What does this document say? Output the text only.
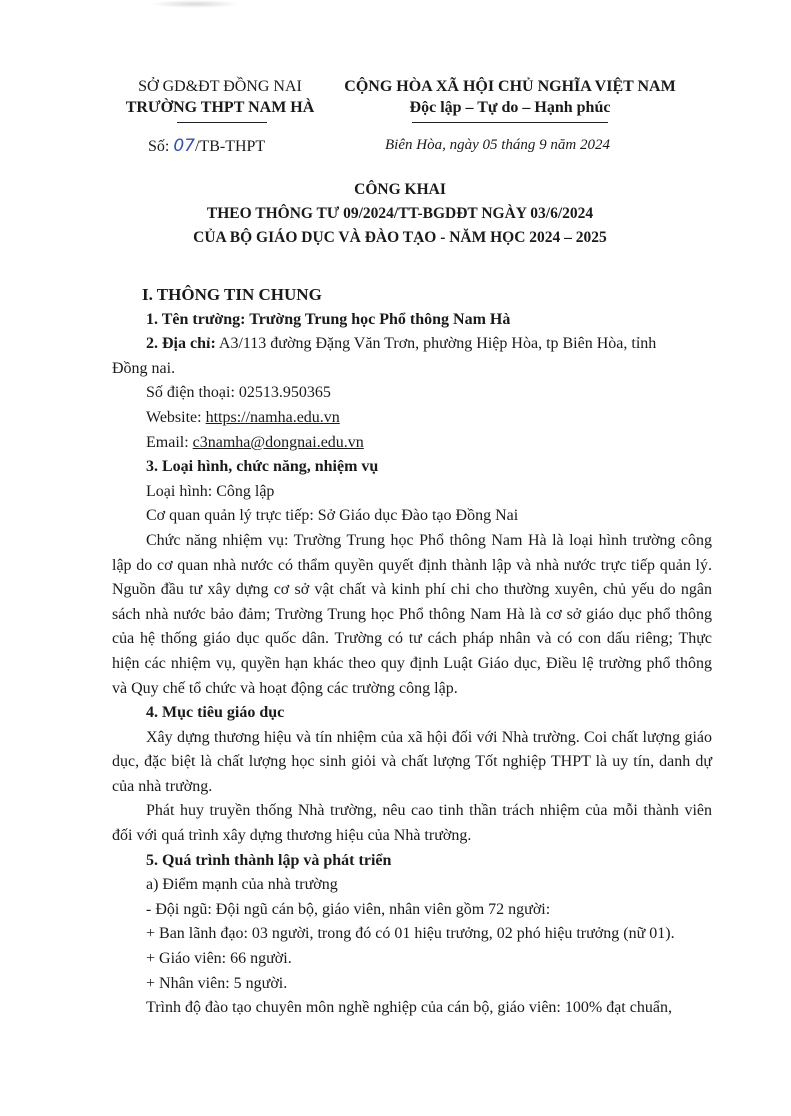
SỞ GD&ĐT ĐỒNG NAI
TRƯỜNG THPT NAM HÀ
CỘNG HÒA XÃ HỘI CHỦ NGHĨA VIỆT NAM
Độc lập – Tự do – Hạnh phúc
Số: 07/TB-THPT	Biên Hòa, ngày 05 tháng 9 năm 2024
CÔNG KHAI
THEO THÔNG TƯ 09/2024/TT-BGDĐT NGÀY 03/6/2024
CỦA BỘ GIÁO DỤC VÀ ĐÀO TẠO - NĂM HỌC 2024 – 2025

I. THÔNG TIN CHUNG

1. Tên trường: Trường Trung học Phổ thông Nam Hà

2. Địa chỉ: A3/113 đường Đặng Văn Trơn, phường Hiệp Hòa, tp Biên Hòa, tỉnh

Đồng nai.

Số điện thoại: 02513.950365

Website: https://namha.edu.vn

Email: c3namha@dongnai.edu.vn

3. Loại hình, chức năng, nhiệm vụ

Loại hình: Công lập

Cơ quan quản lý trực tiếp: Sở Giáo dục Đào tạo Đồng Nai

Chức năng nhiệm vụ: Trường Trung học Phổ thông Nam Hà là loại hình trường công lập do cơ quan nhà nước có thẩm quyền quyết định thành lập và nhà nước trực tiếp quản lý. Nguồn đầu tư xây dựng cơ sở vật chất và kinh phí chi cho thường xuyên, chủ yếu do ngân sách nhà nước bảo đảm; Trường Trung học Phổ thông Nam Hà là cơ sở giáo dục phổ thông của hệ thống giáo dục quốc dân. Trường có tư cách pháp nhân và có con dấu riêng; Thực hiện các nhiệm vụ, quyền hạn khác theo quy định Luật Giáo dục, Điều lệ trường phổ thông và Quy chế tổ chức và hoạt động các trường công lập.

4. Mục tiêu giáo dục

Xây dựng thương hiệu và tín nhiệm của xã hội đối với Nhà trường. Coi chất lượng giáo dục, đặc biệt là chất lượng học sinh giỏi và chất lượng Tốt nghiệp THPT là uy tín, danh dự của nhà trường.

Phát huy truyền thống Nhà trường, nêu cao tinh thần trách nhiệm của mỗi thành viên đối với quá trình xây dựng thương hiệu của Nhà trường.

5. Quá trình thành lập và phát triển

a) Điểm mạnh của nhà trường

- Đội ngũ: Đội ngũ cán bộ, giáo viên, nhân viên gồm 72 người:

+ Ban lãnh đạo: 03 người, trong đó có 01 hiệu trưởng, 02 phó hiệu trưởng (nữ 01).

+ Giáo viên: 66 người.

+ Nhân viên: 5 người.

Trình độ đào tạo chuyên môn nghề nghiệp của cán bộ, giáo viên: 100% đạt chuẩn,
